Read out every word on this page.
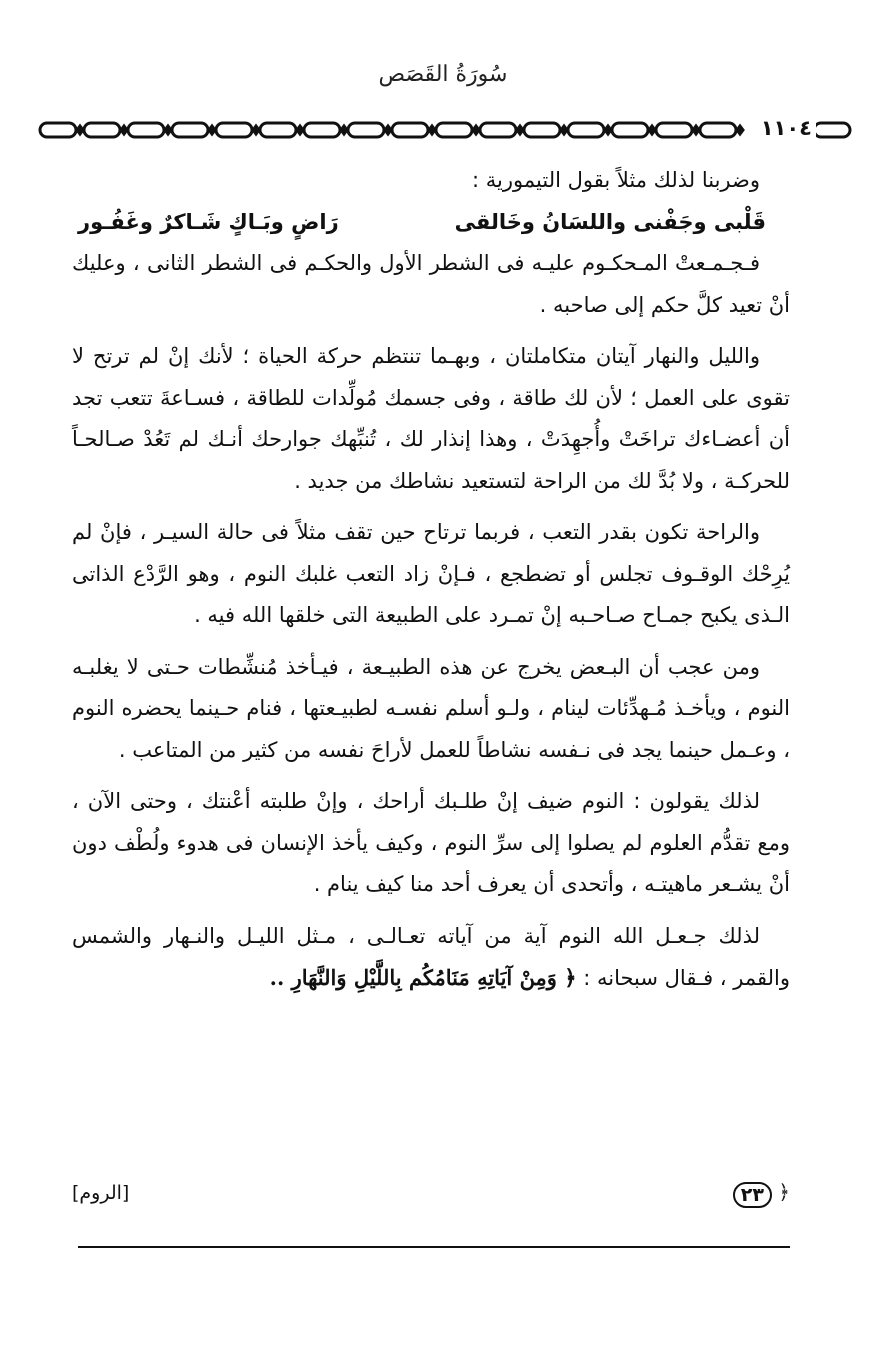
سُورَةُ القَصَص
١١٠٤

وضربنا لذلك مثلاً بقول التيمورية :

قَلْبى وجَفْنى واللسَانُ وخَالقى
رَاضٍ وبَـاكٍ شَـاكرٌ وغَفُـور

فـجـمـعتْ المـحكـوم عليـه فى الشطر الأول والحكـم فى الشطر الثانى ، وعليك أنْ تعيد كلَّ حكم إلى صاحبه .

والليل والنهار آيتان متكاملتان ، وبهـما تنتظم حركة الحياة ؛ لأنك إنْ لم ترتح لا تقوى على العمل ؛ لأن لك طاقة ، وفى جسمك مُولِّدات للطاقة ، فسـاعةَ تتعب تجد أن أعضـاءك تراخَتْ وأُجهِدَتْ ، وهذا إنذار لك ، تُنبِّهك جوارحك أنـك لم تَعُدْ صـالحـاً للحركـة ، ولا بُدَّ لك من الراحة لتستعيد نشاطك من جديد .

والراحة تكون بقدر التعب ، فربما ترتاح حين تقف مثلاً فى حالة السيـر ، فإنْ لم يُرِحْك الوقـوف تجلس أو تضطجع ، فـإنْ زاد التعب غلبك النوم ، وهو الرَّدْع الذاتى الـذى يكبح جمـاح صـاحـبه إنْ تمـرد على الطبيعة التى خلقها الله فيه .

ومن عجب أن البـعض يخرج عن هذه الطبيـعة ، فيـأخذ مُنشِّطات حـتى لا يغلبـه النوم ، ويأخـذ مُـهدِّئات لينام ، ولـو أسلم نفسـه لطبيـعتها ، فنام حـينما يحضره النوم ، وعـمل حينما يجد فى نـفسه نشاطاً للعمل لأراحَ نفسه من كثير من المتاعب .

لذلك يقولون : النوم ضيف إنْ طلـبك أراحك ، وإنْ طلبته أعْنتك ، وحتى الآن ، ومع تقدُّم العلوم لم يصلوا إلى سرِّ النوم ، وكيف يأخذ الإنسان فى هدوء ولُطْف دون أنْ يشـعر ماهيتـه ، وأتحدى أن يعرف أحد منا كيف ينام .

لذلك جـعـل الله النوم آية من آياته تعـالـى ، مـثل الليـل والنـهار والشمس والقمر ، فـقال سبحانه : ﴿ وَمِنْ آيَاتِهِ مَنَامُكُم بِاللَّيْلِ وَالنَّهَارِ ..

﴿
٢٣
[الروم]
